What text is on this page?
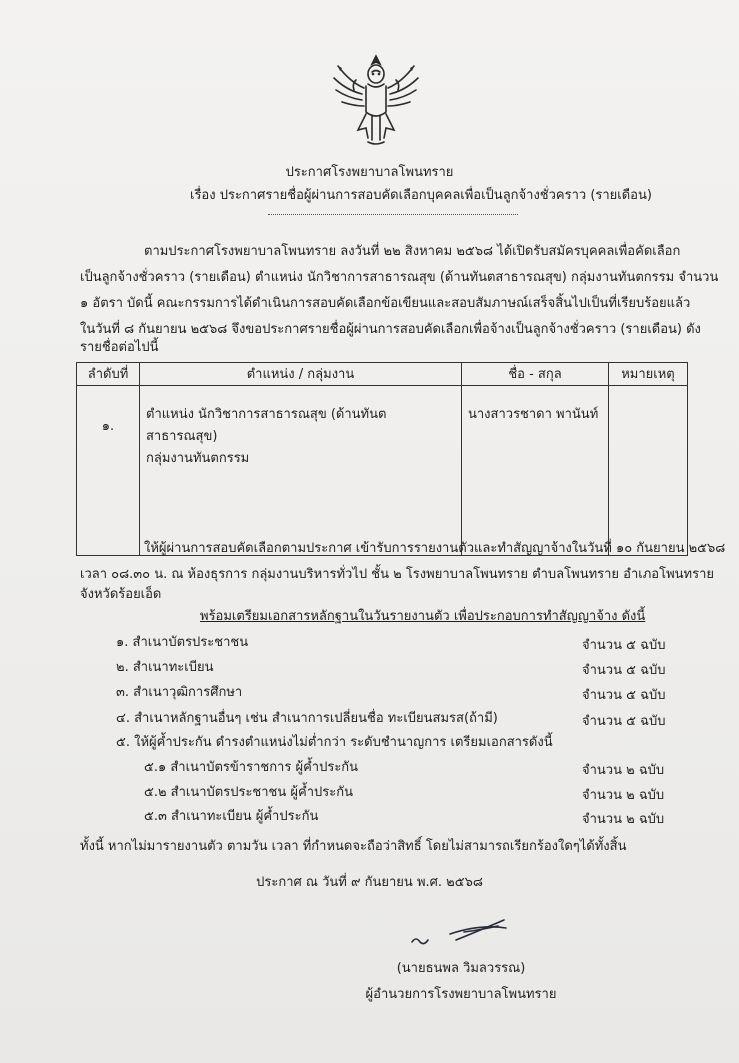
ประกาศโรงพยาบาลโพนทราย
เรื่อง ประกาศรายชื่อผู้ผ่านการสอบคัดเลือกบุคคลเพื่อเป็นลูกจ้างชั่วคราว (รายเดือน)
ตามประกาศโรงพยาบาลโพนทราย ลงวันที่ ๒๒ สิงหาคม ๒๕๖๘ ได้เปิดรับสมัครบุคคลเพื่อคัดเลือก
เป็นลูกจ้างชั่วคราว (รายเดือน) ตำแหน่ง นักวิชาการสาธารณสุข (ด้านทันตสาธารณสุข) กลุ่มงานทันตกรรม จำนวน
๑ อัตรา บัดนี้ คณะกรรมการได้ดำเนินการสอบคัดเลือกข้อเขียนและสอบสัมภาษณ์เสร็จสิ้นไปเป็นที่เรียบร้อยแล้ว
ในวันที่ ๘ กันยายน ๒๕๖๘ จึงขอประกาศรายชื่อผู้ผ่านการสอบคัดเลือกเพื่อจ้างเป็นลูกจ้างชั่วคราว (รายเดือน) ดัง
รายชื่อต่อไปนี้
ลำดับที่	ตำแหน่ง / กลุ่มงาน	ชื่อ - สกุล	หมายเหตุ
๑.	ตำแหน่ง นักวิชาการสาธารณสุข (ด้านทันตสาธารณสุข)
กลุ่มงานทันตกรรม	นางสาวรชาดา พานันท์	
ให้ผู้ผ่านการสอบคัดเลือกตามประกาศ เข้ารับการรายงานตัวและทำสัญญาจ้างในวันที่ ๑๐ กันยายน ๒๕๖๘
เวลา ๐๘.๓๐ น. ณ ห้องธุรการ กลุ่มงานบริหารทั่วไป ชั้น ๒ โรงพยาบาลโพนทราย ตำบลโพนทราย อำเภอโพนทราย
จังหวัดร้อยเอ็ด
พร้อมเตรียมเอกสารหลักฐานในวันรายงานตัว เพื่อประกอบการทำสัญญาจ้าง ดังนี้
๑. สำเนาบัตรประชาชน	จำนวน ๕ ฉบับ
๒. สำเนาทะเบียน	จำนวน ๕ ฉบับ
๓. สำเนาวุฒิการศึกษา	จำนวน ๕ ฉบับ
๔. สำเนาหลักฐานอื่นๆ เช่น สำเนาการเปลี่ยนชื่อ ทะเบียนสมรส(ถ้ามี)	จำนวน ๕ ฉบับ
๕. ให้ผู้ค้ำประกัน ดำรงตำแหน่งไม่ต่ำกว่า ระดับชำนาญการ เตรียมเอกสารดังนี้
๕.๑ สำเนาบัตรข้าราชการ ผู้ค้ำประกัน	จำนวน ๒ ฉบับ
๕.๒ สำเนาบัตรประชาชน ผู้ค้ำประกัน	จำนวน ๒ ฉบับ
๕.๓ สำเนาทะเบียน ผู้ค้ำประกัน	จำนวน ๒ ฉบับ
ทั้งนี้ หากไม่มารายงานตัว ตามวัน เวลา ที่กำหนดจะถือว่าสิทธิ์ โดยไม่สามารถเรียกร้องใดๆได้ทั้งสิ้น
ประกาศ ณ วันที่ ๙ กันยายน พ.ศ. ๒๕๖๘
(นายธนพล วิมลวรรณ)
ผู้อำนวยการโรงพยาบาลโพนทราย
